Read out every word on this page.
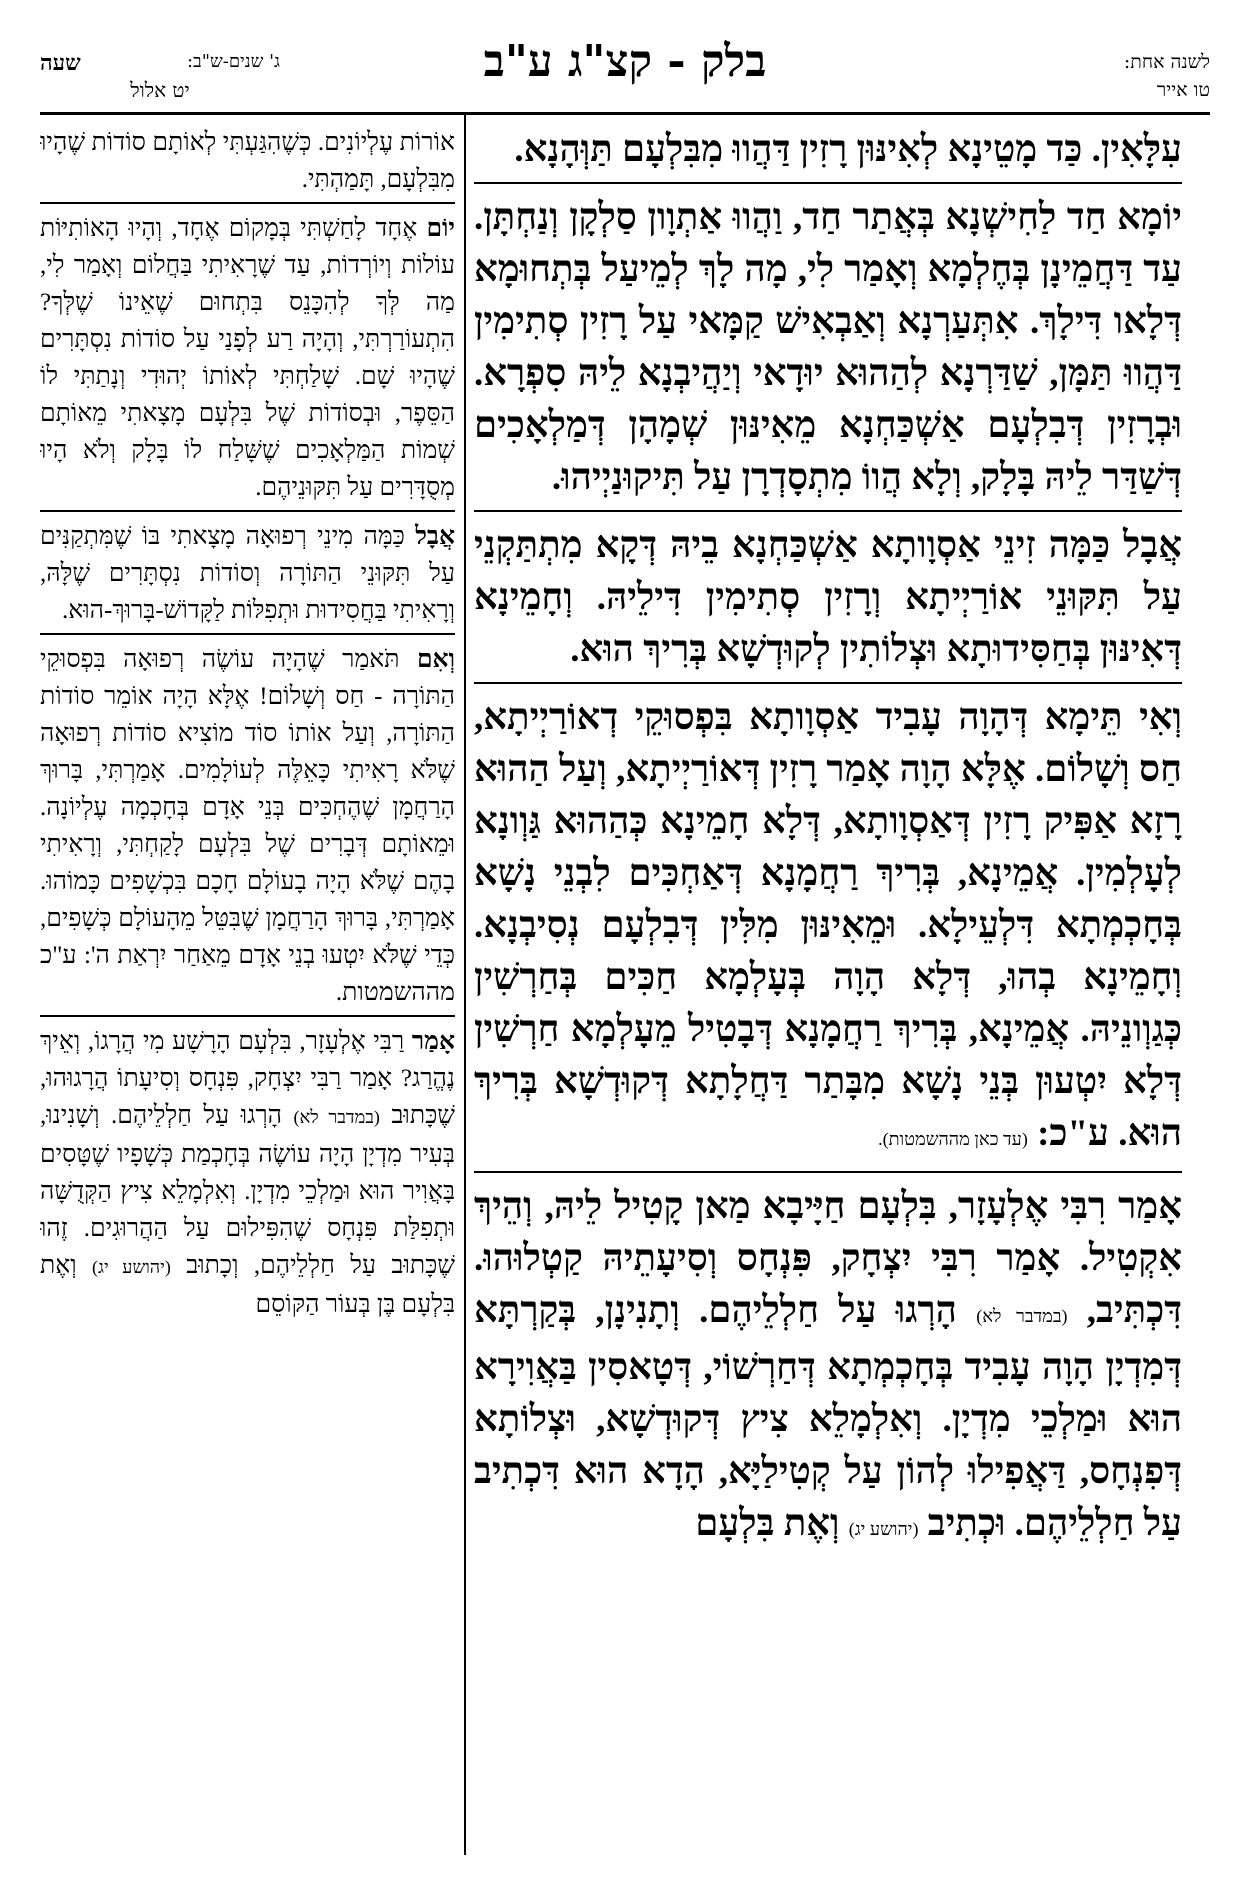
לשנה אחת:
טו אייר
בלק - קצ"ג ע"ב
ג' שנים-ש"ב:
שעה
יט אלול

עִלָּאִין. כַּד מָטֵינָא לְאִינּוּן רָזִין דַּהֲווּ מִבִּלְעָם תַּוְּהָנָא.

יוֹמָא חַד לַחִישְׁנָא בְּאֲתַר חַד, וַהֲווּ אַתְוָון סַלְקָן וְנַחְתָּן. עַד דַּחֲמֵינָן בְּחֶלְמָא וְאָמַר לִי, מָה לָךְ לְמֵיעַל בְּתְחוּמָא דְּלָאו דִּילָךְ. אִתְּעַרְנָא וְאַבְאִישׁ קַמָּאי עַל רָזִין סְתִימִין דַּהֲווּ תַּמָּן, שַׁדַּרְנָא לְהַהוּא יוּדָאי וְיַהֲיבְנָא לֵיהּ סִפְרָא. וּבְרָזִין דְּבִלְעָם אַשְׁכַּחְנָא מֵאִינּוּן שְׁמָהָן דְּמַלְאָכִים דְּשַׁדַּר לֵיהּ בָּלָק, וְלָא הֲווֹ מִתְסָדְרָן עַל תִּיקוּנַיְיהוּ.

אֲבָל כַּמָּה זִינֵי אַסְוָותָא אַשְׁכַּחְנָא בֵיהּ דְּקָא מִתְתַּקְנֵי עַל תִּקּוּנֵי אוֹרַיְיתָא וְרָזִין סְתִימִין דִּילֵיהּ. וְחָמֵינָא דְּאִינּוּן בְּחַסִּידוּתָא וּצְלוֹתִין לְקוּדְשָׁא בְּרִיךְ הוּא.

וְאִי תֵּימָא דְּהָוָה עָבִיד אַסְוָותָא בִּפְסוּקֵי דְאוֹרַיְיתָא, חַס וְשָׁלוֹם. אֶלָּא הָוָה אָמַר רָזִין דְּאוֹרַיְיתָא, וְעַל הַהוּא רָזָא אַפִּיק רָזִין דְּאַסְוָותָא, דְּלָא חָמֵינָא כְּהַהוּא גַּוְונָא לְעָלְמִין. אֲמֵינָא, בְּרִיךְ רַחֲמָנָא דְּאַחְכִּים לִבְנֵי נָשָׁא בְּחָכְמְתָא דִּלְעֵילָא. וּמֵאִינּוּן מִלִּין דְּבִלְעָם נְסִיבְנָא. וְחָמֵינָא בְהוּ, דְּלָא הָוָה בְּעָלְמָא חַכִּים בְּחַרְשִׁין כְּגַוְונֵיהּ. אֲמֵינָא, בְּרִיךְ רַחֲמָנָא דְּבָטִיל מֵעָלְמָא חַרְשִׁין דְּלָא יִטְעוּן בְּנֵי נָשָׁא מִבָּתַר דַּחֲלָתָא דְּקוּדְשָׁא בְּרִיךְ הוּא. ע"כ: (עד כאן מההשמטות).

אָמַר רִבִּי אֶלְעָזָר, בִּלְעָם חַיָּיבָא מַאן קָטִיל לֵיהּ, וְהֵיךְ אִקְטִיל. אָמַר רִבִּי יִצְחָק, פִּנְחָס וְסִיעָתֵיהּ קַטְלוּהוּ. דִּכְתִּיב, (במדבר לא) הָרְגוּ עַל חַלְלֵיהֶם. וְתָנִינָן, בְּקַרְתָּא דְּמִדְיָן הָוָה עָבִיד בְּחָכְמְתָא דְּחַרְשׁוֹי, דְּטָאסִין בַּאֲוִירָא הוּא וּמַלְכֵי מִדְיָן. וְאִלְמָלֵא צִיץ דְּקוּדְשָׁא, וּצְלוֹתָא דְּפִנְחָס, דַּאֲפִילוּ לְהוֹן עַל קְטִילַיָּא, הָדָא הוּא דִּכְתִיב עַל חַלְלֵיהֶם. וּכְתִיב (יהושע יג) וְאֶת בִּלְעָם

אוֹרוֹת עֶלְיוֹנִים. כְּשֶׁהִגַּעְתִּי לְאוֹתָם סוֹדוֹת שֶׁהָיוּ מִבִּלְעָם, תָּמַהְתִּי.

יוֹם אֶחָד לָחַשְׁתִּי בְּמָקוֹם אֶחָד, וְהָיוּ הָאוֹתִיּוֹת עוֹלוֹת וְיוֹרְדוֹת, עַד שֶׁרָאִיתִי בַּחֲלוֹם וְאָמַר לִי, מַה לְּךָ לְהִכָּנֵס בִּתְחוּם שֶׁאֵינוֹ שֶׁלְּךָ? הִתְעוֹרַרְתִּי, וְהָיָה רַע לְפָנַי עַל סוֹדוֹת נִסְתָּרִים שֶׁהָיוּ שָׁם. שָׁלַחְתִּי לְאוֹתוֹ יְהוּדִי וְנָתַתִּי לוֹ הַסֵּפֶר, וּבְסוֹדוֹת שֶׁל בִּלְעָם מָצָאתִי מֵאוֹתָם שְׁמוֹת הַמַּלְאָכִים שֶׁשָּׁלַח לוֹ בָּלָק וְלֹא הָיוּ מְסֻדָּרִים עַל תִּקּוּנֵיהֶם.

אֲבָל כַּמָּה מִינֵי רְפוּאָה מָצָאתִי בּוֹ שֶׁמִּתְקַנִּים עַל תִּקּוּנֵי הַתּוֹרָה וְסוֹדוֹת נִסְתָּרִים שֶׁלָּהּ, וְרָאִיתִי בַּחֲסִידוּת וּתְפִלּוֹת לַקָּדוֹשׁ-בָּרוּךְ-הוּא.

וְאִם תֹּאמַר שֶׁהָיָה עוֹשֶׂה רְפוּאָה בִּפְסוּקֵי הַתּוֹרָה - חַס וְשָׁלוֹם! אֶלָּא הָיָה אוֹמֵר סוֹדוֹת הַתּוֹרָה, וְעַל אוֹתוֹ סוֹד מוֹצִיא סוֹדוֹת רְפוּאָה שֶׁלֹּא רָאִיתִי כָּאֵלֶּה לְעוֹלָמִים. אָמַרְתִּי, בָּרוּךְ הָרַחֲמָן שֶׁהֶחְכִּים בְּנֵי אָדָם בְּחָכְמָה עֶלְיוֹנָה. וּמֵאוֹתָם דְּבָרִים שֶׁל בִּלְעָם לָקַחְתִּי, וְרָאִיתִי בָהֶם שֶׁלֹּא הָיָה בָעוֹלָם חָכָם בִּכְשָׁפִים כָּמוֹהוּ. אָמַרְתִּי, בָּרוּךְ הָרַחֲמָן שֶׁבִּטֵּל מֵהָעוֹלָם כְּשָׁפִים, כְּדֵי שֶׁלֹּא יִטְעוּ בְנֵי אָדָם מֵאַחַר יִרְאַת ה': ע"כ מההשמטות.

אָמַר רַבִּי אֶלְעָזָר, בִּלְעָם הָרָשָׁע מִי הֲרָגוֹ, וְאֵיךְ נֶהֱרַג? אָמַר רַבִּי יִצְחָק, פִּנְחָס וְסִיעָתוֹ הֲרָגוּהוּ, שֶׁכָּתוּב (במדבר לא) הָרְגוּ עַל חַלְלֵיהֶם. וְשָׁנִינוּ, בְּעִיר מִדְיָן הָיָה עוֹשֶׂה בְּחָכְמַת כְּשָׁפָיו שֶׁטָּסִים בָּאֲוִיר הוּא וּמַלְכֵי מִדְיָן. וְאִלְמָלֵא צִיץ הַקְּדֻשָּׁה וּתְפִלַּת פִּנְחָס שֶׁהִפִּילוּם עַל הַהֲרוּגִים. זֶהוּ שֶׁכָּתוּב עַל חַלְלֵיהֶם, וְכָתוּב (יהושע יג) וְאֶת בִּלְעָם בֶּן בְּעוֹר הַקּוֹסֵם
